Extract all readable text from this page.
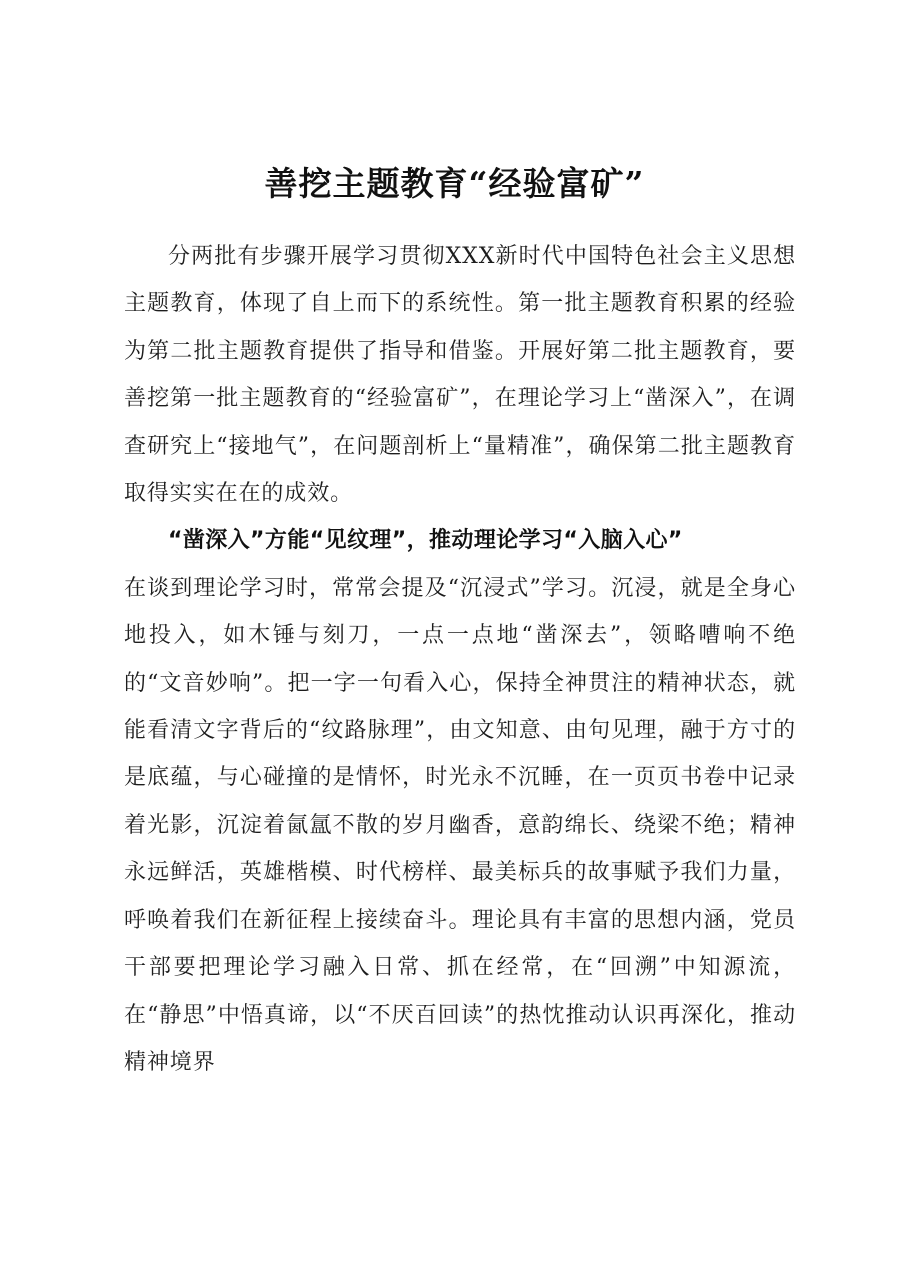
善挖主题教育“经验富矿”

分两批有步骤开展学习贯彻XXX新时代中国特色社会主义思想主题教育，体现了自上而下的系统性。第一批主题教育积累的经验为第二批主题教育提供了指导和借鉴。开展好第二批主题教育，要善挖第一批主题教育的“经验富矿”，在理论学习上“凿深入”，在调查研究上“接地气”，在问题剖析上“量精准”，确保第二批主题教育取得实实在在的成效。

“凿深入”方能“见纹理”，推动理论学习“入脑入心”

在谈到理论学习时，常常会提及“沉浸式”学习。沉浸，就是全身心地投入，如木锤与刻刀，一点一点地“凿深去”，领略嘈响不绝的“文音妙响”。把一字一句看入心，保持全神贯注的精神状态，就能看清文字背后的“纹路脉理”，由文知意、由句见理，融于方寸的是底蕴，与心碰撞的是情怀，时光永不沉睡，在一页页书卷中记录着光影，沉淀着氤氲不散的岁月幽香，意韵绵长、绕梁不绝；精神永远鲜活，英雄楷模、时代榜样、最美标兵的故事赋予我们力量，呼唤着我们在新征程上接续奋斗。理论具有丰富的思想内涵，党员干部要把理论学习融入日常、抓在经常，在“回溯”中知源流，在“静思”中悟真谛，以“不厌百回读”的热忱推动认识再深化，推动精神境界
